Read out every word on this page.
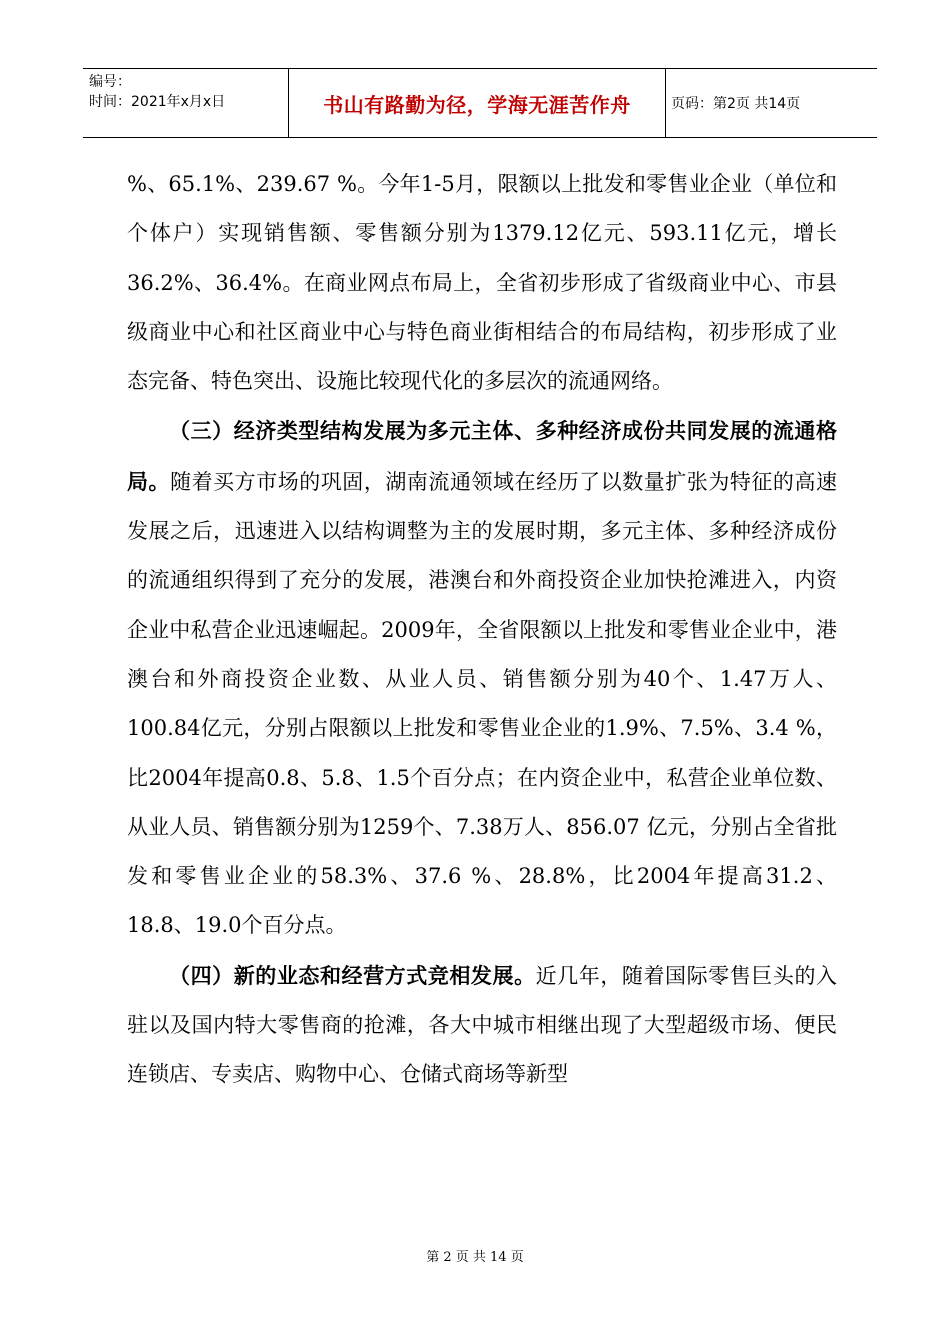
编号：
时间：2021年x月x日	书山有路勤为径，学海无涯苦作舟	页码：第2页 共14页

%、65.1%、239.67 %。今年1-5月，限额以上批发和零售业企业（单位和个体户）实现销售额、零售额分别为1379.12亿元、593.11亿元，增长36.2%、36.4%。在商业网点布局上，全省初步形成了省级商业中心、市县级商业中心和社区商业中心与特色商业街相结合的布局结构，初步形成了业态完备、特色突出、设施比较现代化的多层次的流通网络。

（三）经济类型结构发展为多元主体、多种经济成份共同发展的流通格局。随着买方市场的巩固，湖南流通领域在经历了以数量扩张为特征的高速发展之后，迅速进入以结构调整为主的发展时期，多元主体、多种经济成份的流通组织得到了充分的发展，港澳台和外商投资企业加快抢滩进入，内资企业中私营企业迅速崛起。2009年，全省限额以上批发和零售业企业中，港澳台和外商投资企业数、从业人员、销售额分别为40个、1.47万人、100.84亿元，分别占限额以上批发和零售业企业的1.9%、7.5%、3.4 %，比2004年提高0.8、5.8、1.5个百分点；在内资企业中，私营企业单位数、从业人员、销售额分别为1259个、7.38万人、856.07 亿元，分别占全省批发和零售业企业的58.3%、37.6 %、28.8%，比2004年提高31.2、18.8、19.0个百分点。

（四）新的业态和经营方式竞相发展。近几年，随着国际零售巨头的入驻以及国内特大零售商的抢滩，各大中城市相继出现了大型超级市场、便民连锁店、专卖店、购物中心、仓储式商场等新型

第 2 页 共 14 页
